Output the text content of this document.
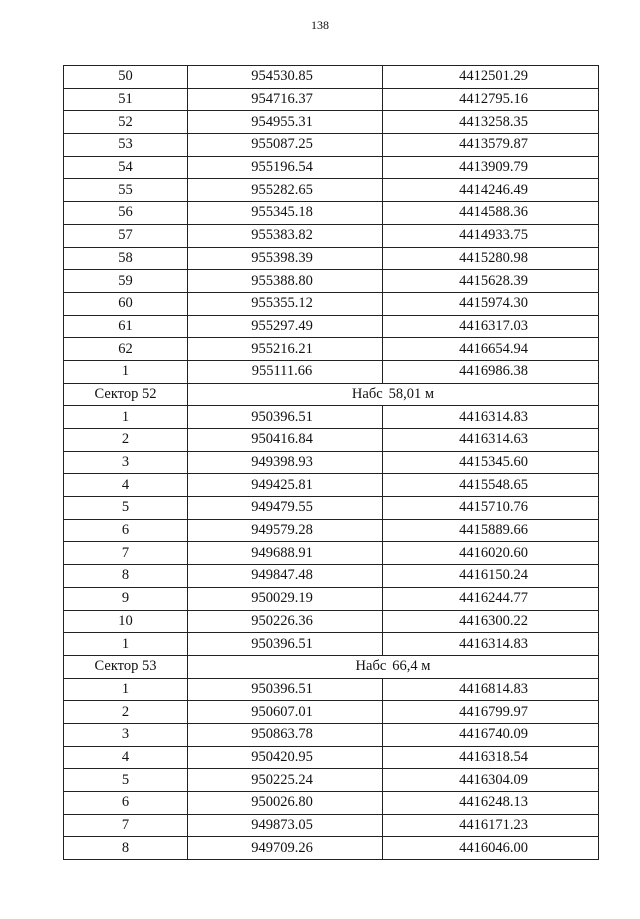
138
50	954530.85	4412501.29
51	954716.37	4412795.16
52	954955.31	4413258.35
53	955087.25	4413579.87
54	955196.54	4413909.79
55	955282.65	4414246.49
56	955345.18	4414588.36
57	955383.82	4414933.75
58	955398.39	4415280.98
59	955388.80	4415628.39
60	955355.12	4415974.30
61	955297.49	4416317.03
62	955216.21	4416654.94
1	955111.66	4416986.38
Сектор 52	Набс 58,01 м	
1	950396.51	4416314.83
2	950416.84	4416314.63
3	949398.93	4415345.60
4	949425.81	4415548.65
5	949479.55	4415710.76
6	949579.28	4415889.66
7	949688.91	4416020.60
8	949847.48	4416150.24
9	950029.19	4416244.77
10	950226.36	4416300.22
1	950396.51	4416314.83
Сектор 53	Набс 66,4 м	
1	950396.51	4416814.83
2	950607.01	4416799.97
3	950863.78	4416740.09
4	950420.95	4416318.54
5	950225.24	4416304.09
6	950026.80	4416248.13
7	949873.05	4416171.23
8	949709.26	4416046.00
